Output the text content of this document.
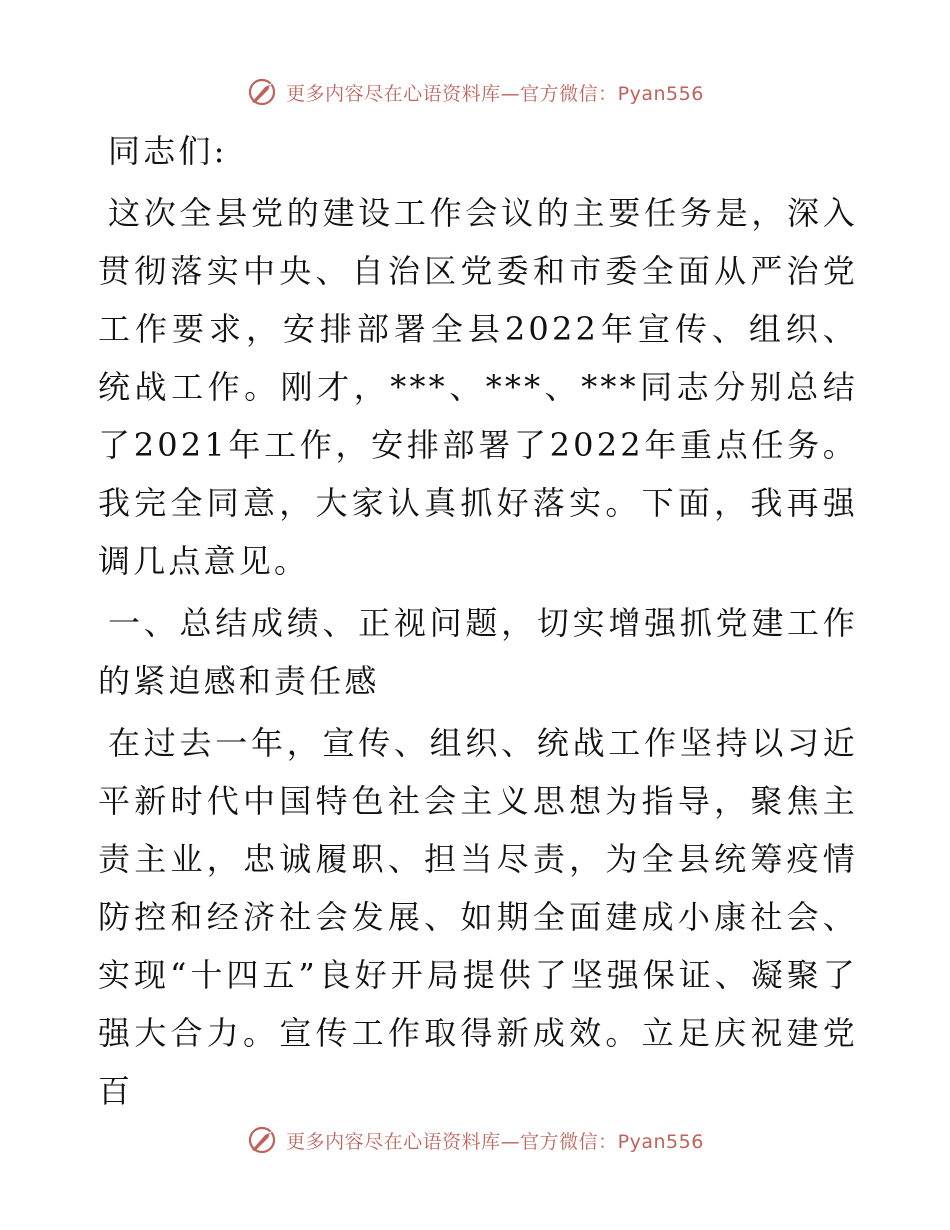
更多内容尽在心语资料库—官方微信：Pyan556

同志们:

这次全县党的建设工作会议的主要任务是，深入贯彻落实中央、自治区党委和市委全面从严治党工作要求，安排部署全县2022年宣传、组织、统战工作。刚才，***、***、***同志分别总结了2021年工作，安排部署了2022年重点任务。我完全同意，大家认真抓好落实。下面，我再强调几点意见。

一、总结成绩、正视问题，切实增强抓党建工作的紧迫感和责任感

在过去一年，宣传、组织、统战工作坚持以习近平新时代中国特色社会主义思想为指导，聚焦主责主业，忠诚履职、担当尽责，为全县统筹疫情防控和经济社会发展、如期全面建成小康社会、实现“十四五”良好开局提供了坚强保证、凝聚了强大合力。宣传工作取得新成效。立足庆祝建党百

更多内容尽在心语资料库—官方微信：Pyan556
